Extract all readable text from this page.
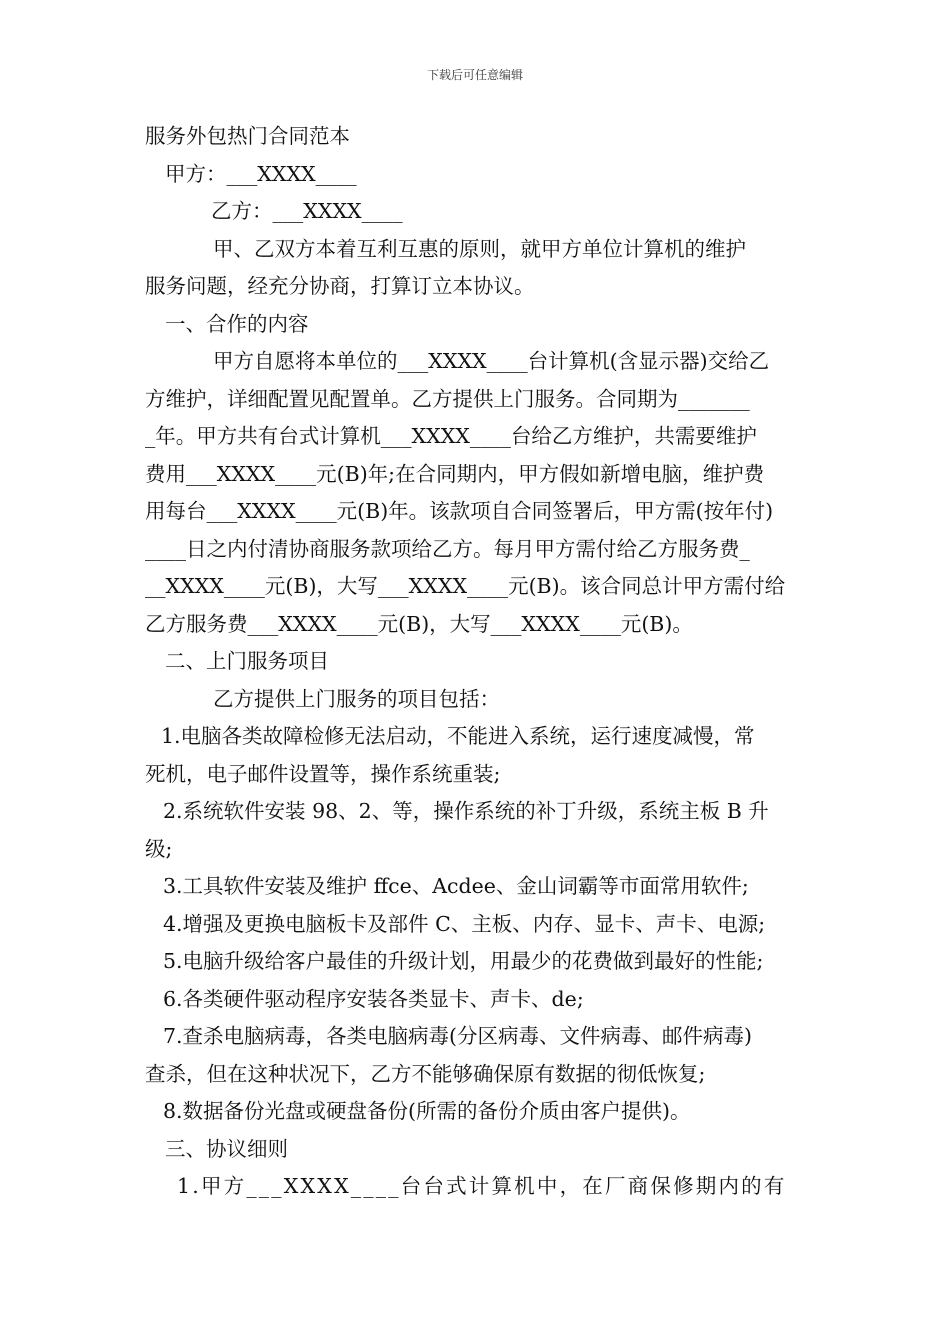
下载后可任意编辑
服务外包热门合同范本
甲方：___XXXX____
乙方：___XXXX____
甲、乙双方本着互利互惠的原则，就甲方单位计算机的维护
服务问题，经充分协商，打算订立本协议。
一、合作的内容
甲方自愿将本单位的___XXXX____台计算机(含显示器)交给乙
方维护，详细配置见配置单。乙方提供上门服务。合同期为_______
_年。甲方共有台式计算机___XXXX____台给乙方维护，共需要维护
费用___XXXX____元(B)年;在合同期内，甲方假如新增电脑，维护费
用每台___XXXX____元(B)年。该款项自合同签署后，甲方需(按年付)
____日之内付清协商服务款项给乙方。每月甲方需付给乙方服务费_
__XXXX____元(B)，大写___XXXX____元(B)。该合同总计甲方需付给
乙方服务费___XXXX____元(B)，大写___XXXX____元(B)。
二、上门服务项目
乙方提供上门服务的项目包括：
1.电脑各类故障检修无法启动，不能进入系统，运行速度减慢，常
死机，电子邮件设置等，操作系统重装;
2.系统软件安装 98、2、等，操作系统的补丁升级，系统主板 B 升
级;
3.工具软件安装及维护 ffce、Acdee、金山词霸等市面常用软件;
4.增强及更换电脑板卡及部件 C、主板、内存、显卡、声卡、电源;
5.电脑升级给客户最佳的升级计划，用最少的花费做到最好的性能;
6.各类硬件驱动程序安装各类显卡、声卡、de;
7.查杀电脑病毒，各类电脑病毒(分区病毒、文件病毒、邮件病毒)
查杀，但在这种状况下，乙方不能够确保原有数据的彻低恢复;
8.数据备份光盘或硬盘备份(所需的备份介质由客户提供)。
三、协议细则
1.甲方___XXXX____台台式计算机中，在厂商保修期内的有
